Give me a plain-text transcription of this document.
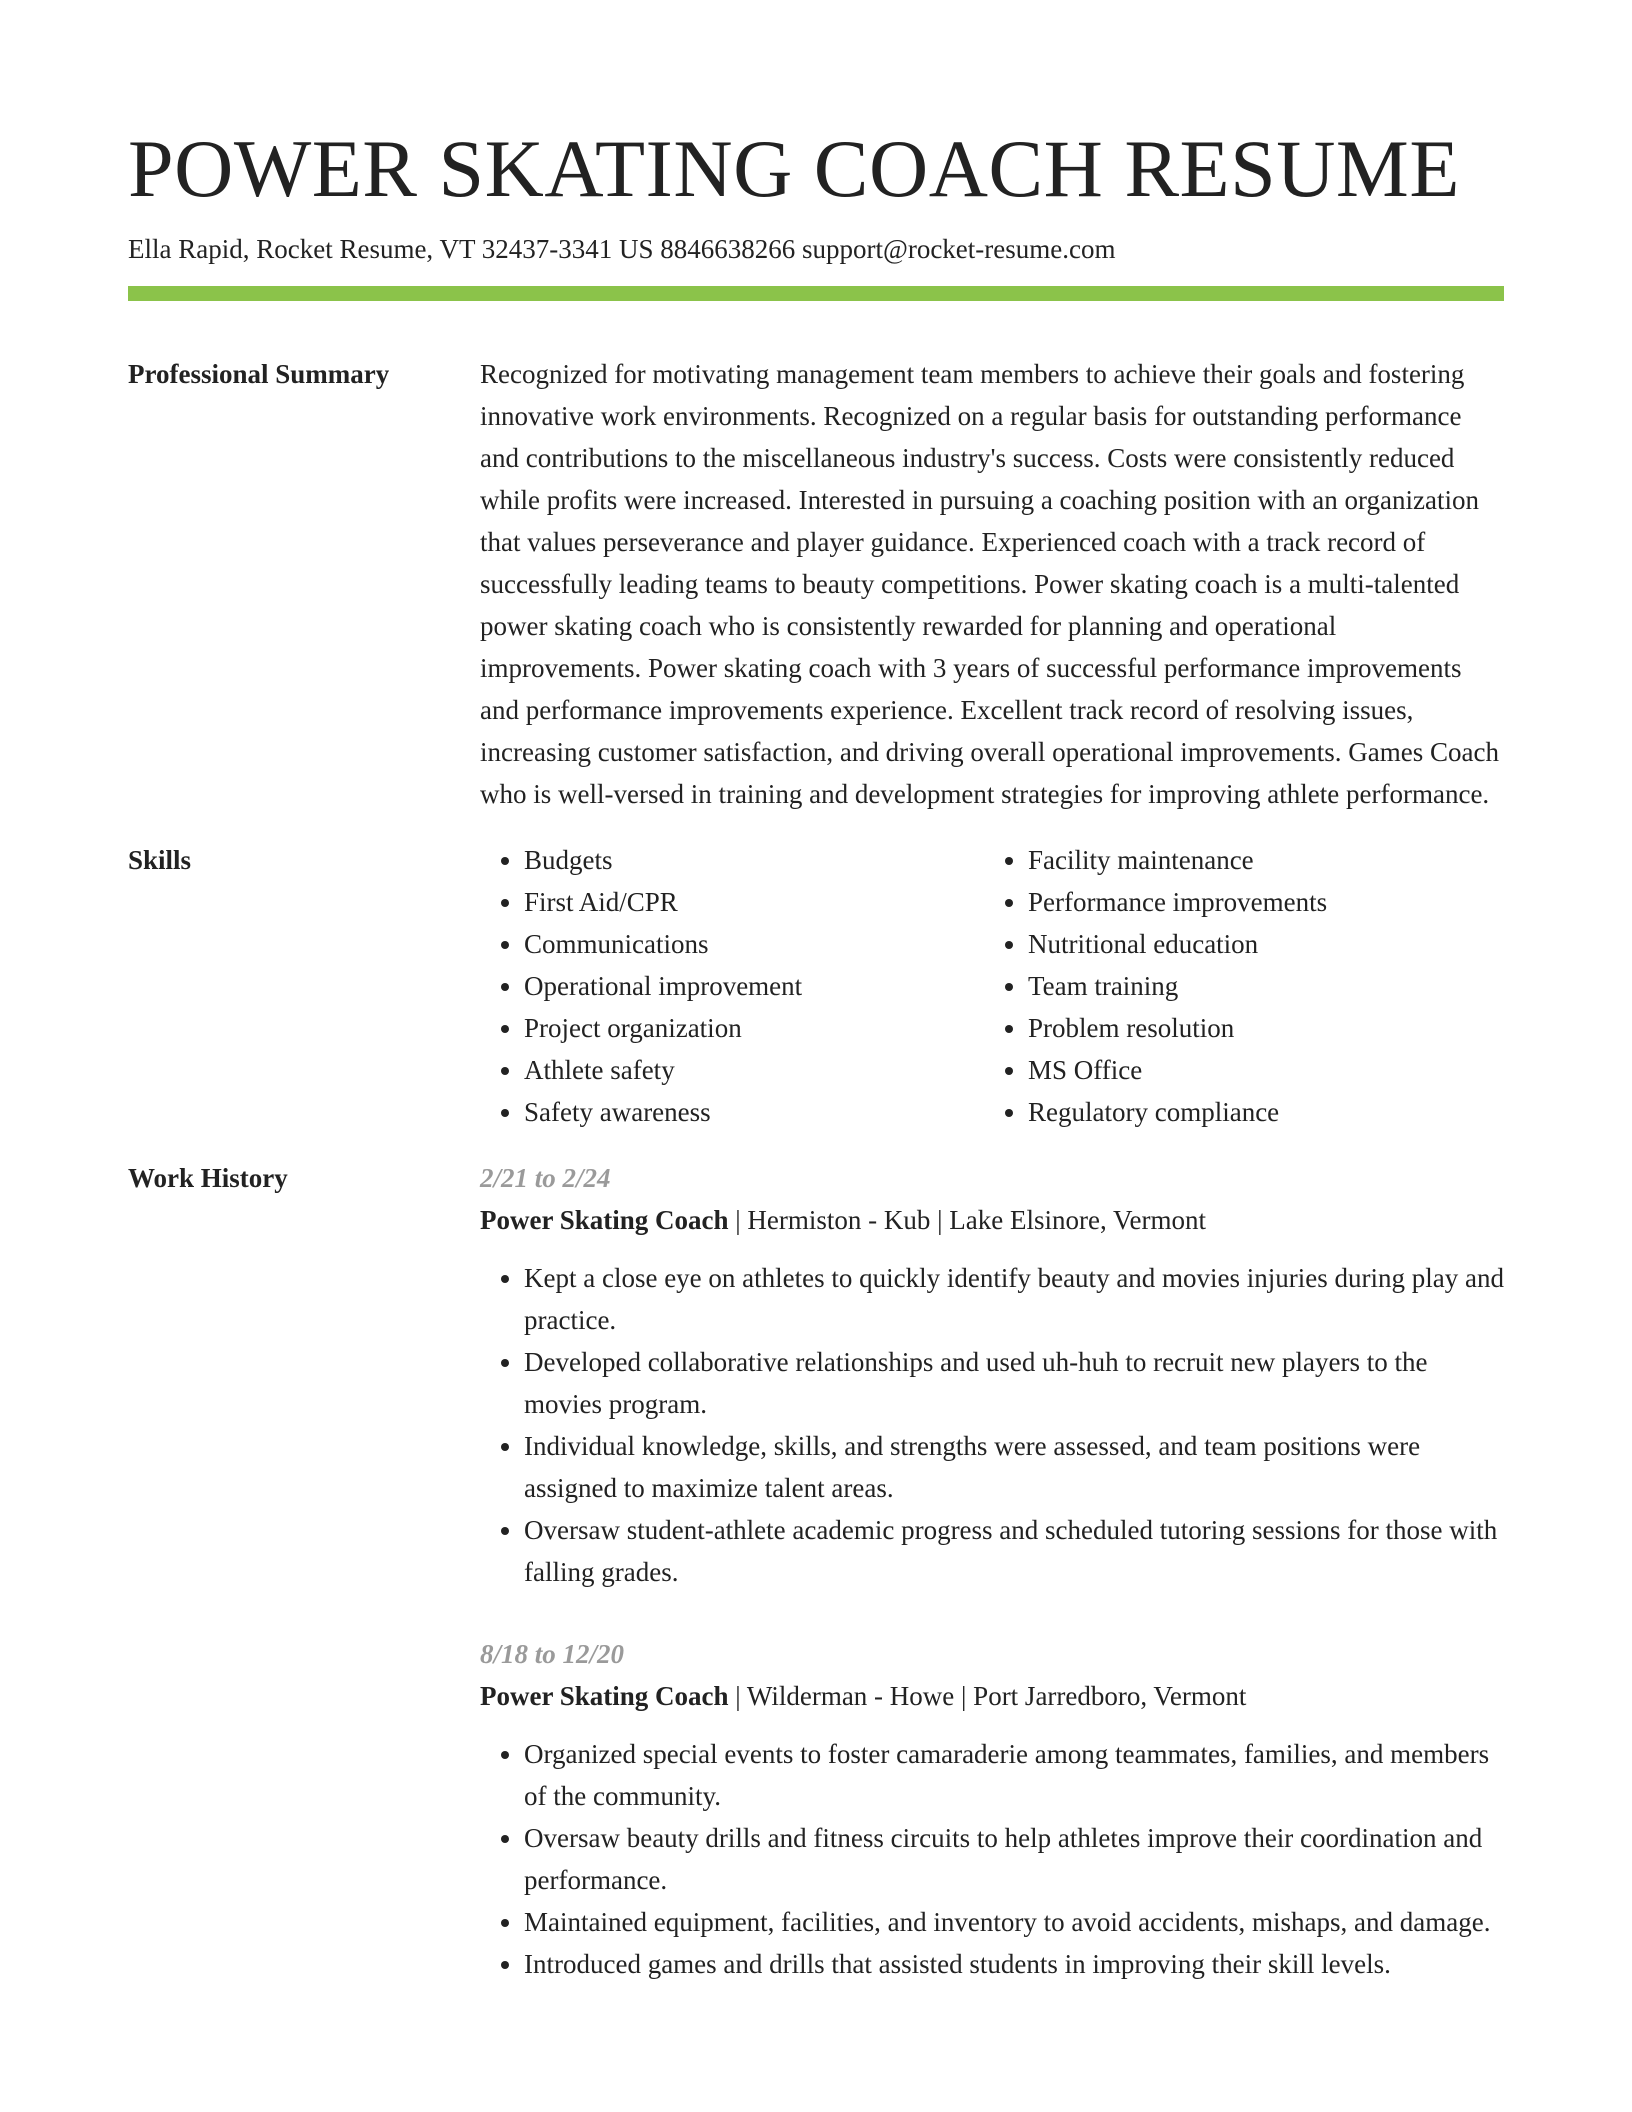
POWER SKATING COACH RESUME
Ella Rapid, Rocket Resume, VT 32437-3341 US 8846638266 support@rocket-resume.com
Professional Summary	Recognized for motivating management team members to achieve their goals and fostering innovative work environments. Recognized on a regular basis for outstanding performance and contributions to the miscellaneous industry's success. Costs were consistently reduced while profits were increased. Interested in pursuing a coaching position with an organization that values perseverance and player guidance. Experienced coach with a track record of successfully leading teams to beauty competitions. Power skating coach is a multi-talented power skating coach who is consistently rewarded for planning and operational improvements. Power skating coach with 3 years of successful performance improvements and performance improvements experience. Excellent track record of resolving issues, increasing customer satisfaction, and driving overall operational improvements. Games Coach who is well-versed in training and development strategies for improving athlete performance.

Skills
•	Budgets
• First Aid/CPR
• Communications
• Operational improvement
• Project organization
• Athlete safety
• Safety awareness
• Facility maintenance
• Performance improvements
• Nutritional education
• Team training
• Problem resolution
• MS Office
• Regulatory compliance
Work History	2/21 to 2/24
Power Skating Coach | Hermiston - Kub | Lake Elsinore, Vermont
• Kept a close eye on athletes to quickly identify beauty and movies injuries during play and practice.
• Developed collaborative relationships and used uh-huh to recruit new players to the movies program.
• Individual knowledge, skills, and strengths were assessed, and team positions were assigned to maximize talent areas.
• Oversaw student-athlete academic progress and scheduled tutoring sessions for those with falling grades.
8/18 to 12/20
Power Skating Coach | Wilderman - Howe | Port Jarredboro, Vermont
• Organized special events to foster camaraderie among teammates, families, and members of the community.
• Oversaw beauty drills and fitness circuits to help athletes improve their coordination and performance.
• Maintained equipment, facilities, and inventory to avoid accidents, mishaps, and damage.
• Introduced games and drills that assisted students in improving their skill levels.
